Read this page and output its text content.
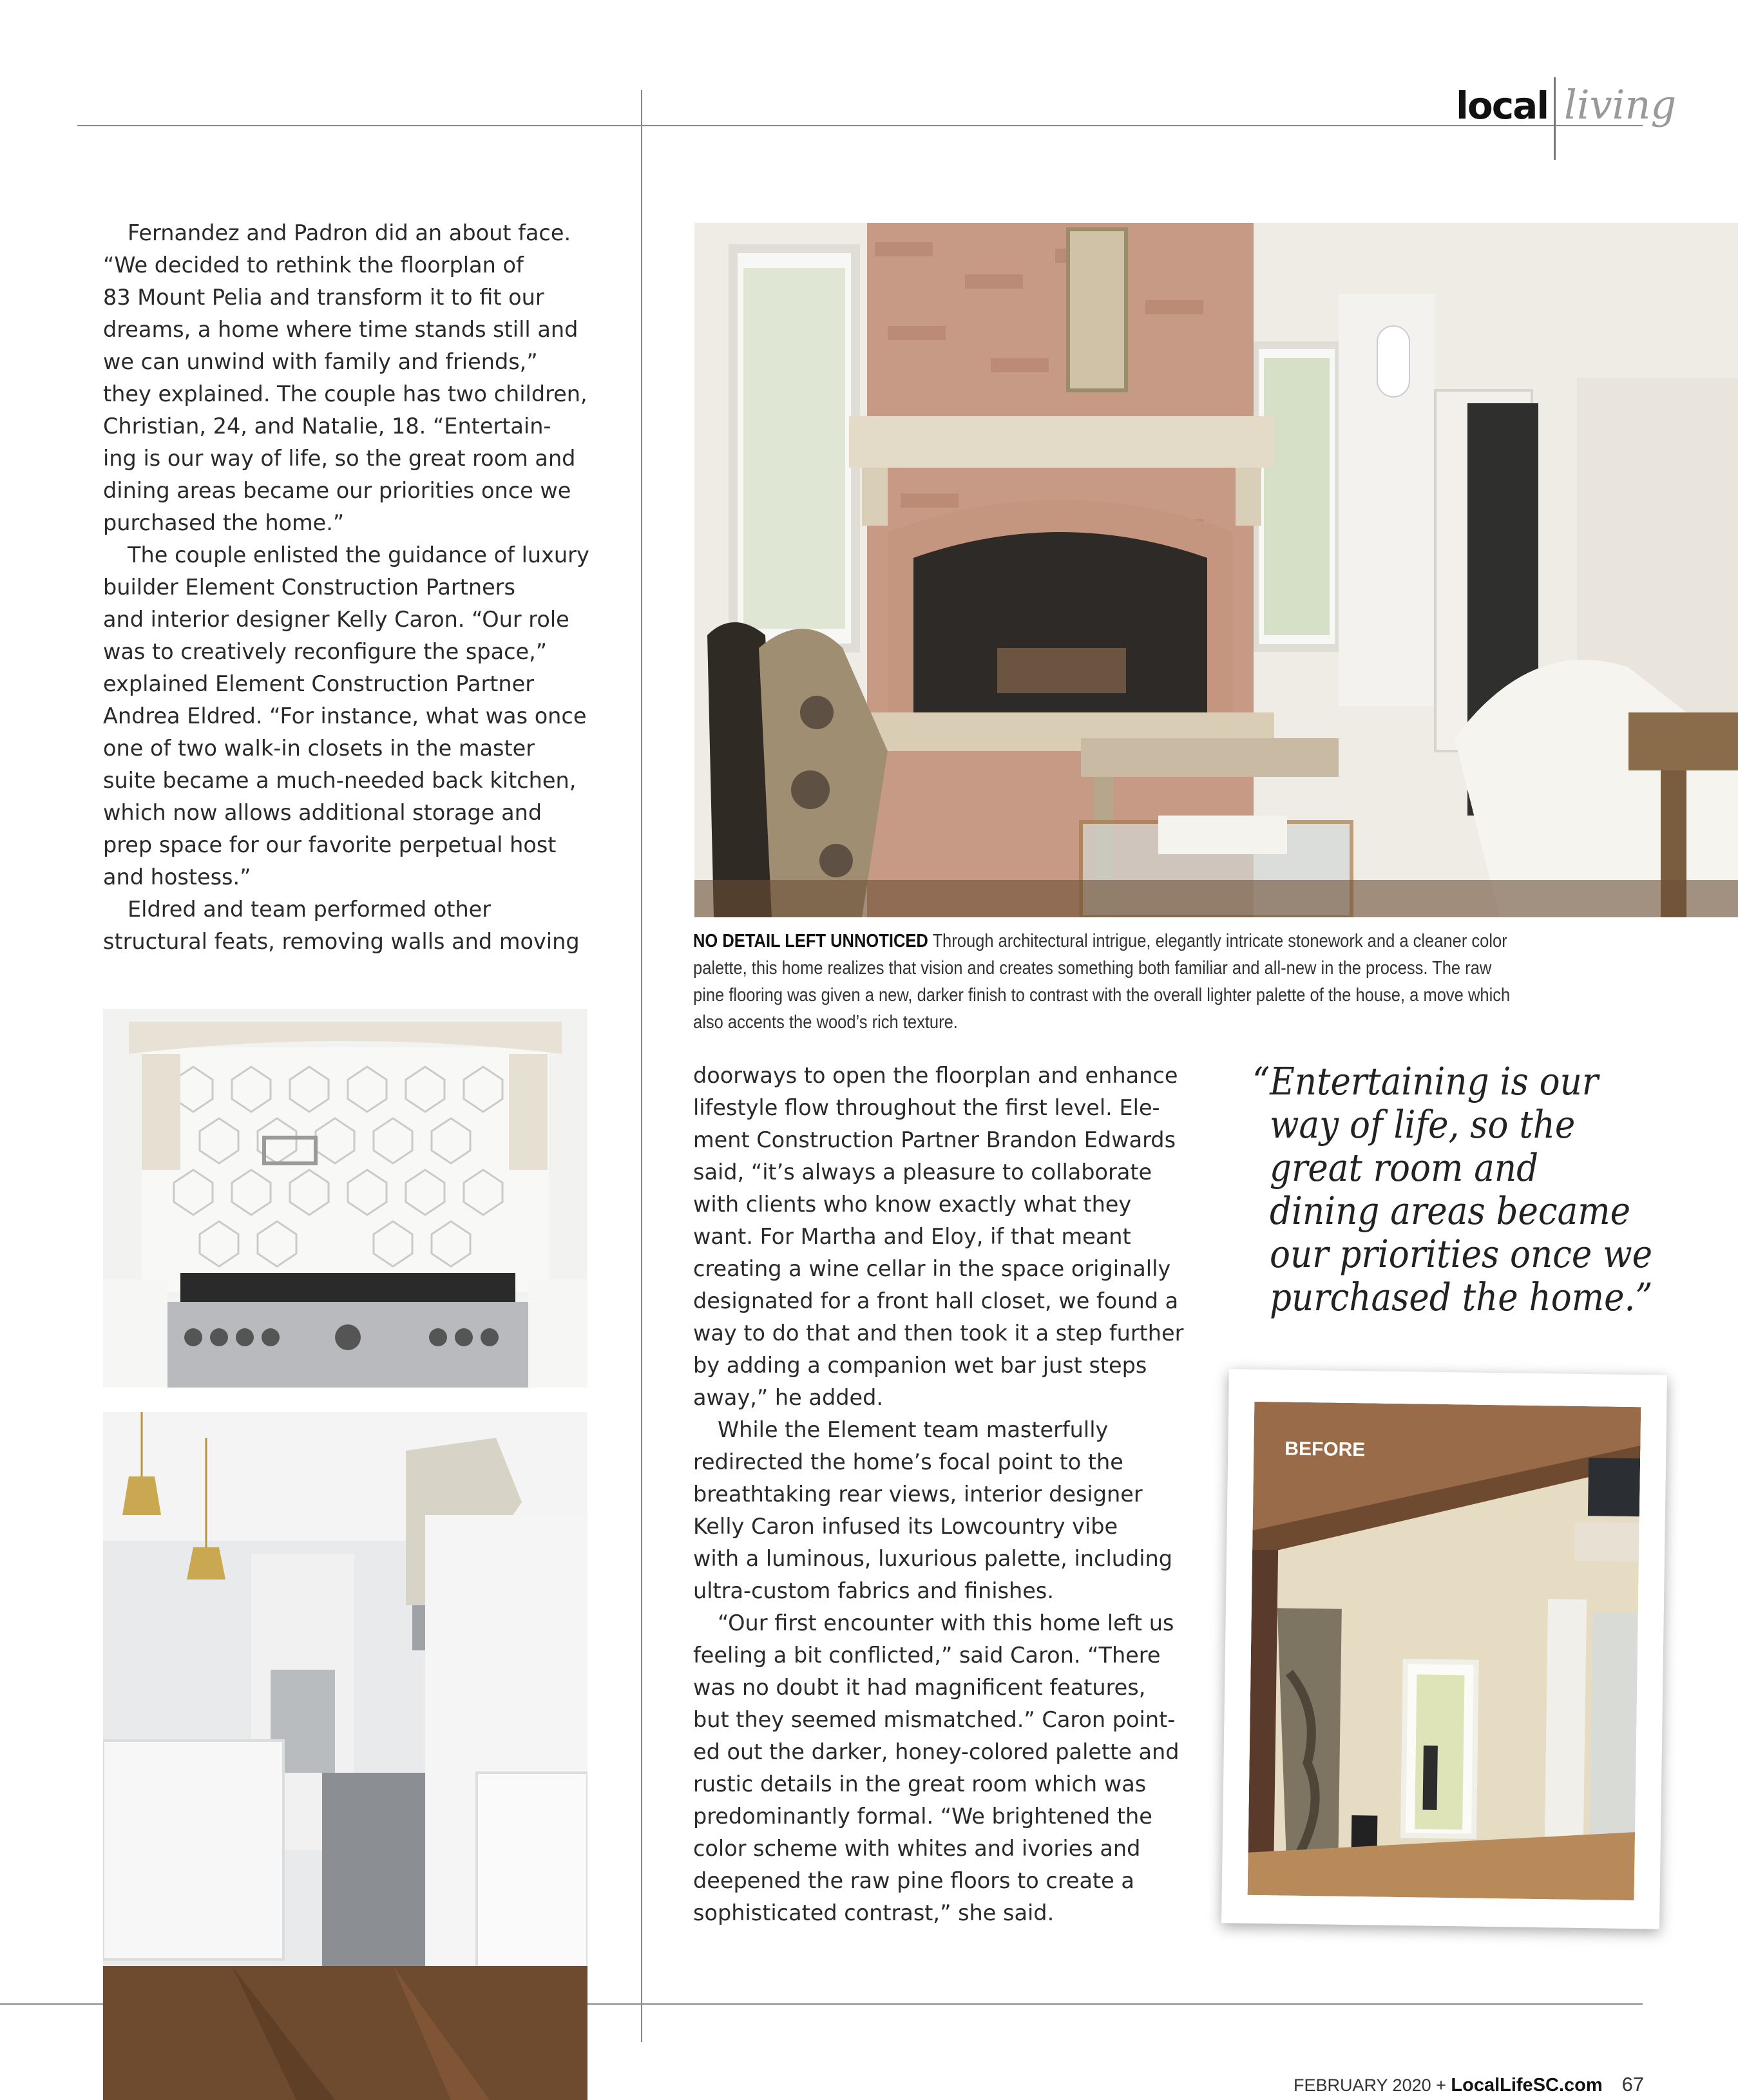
local living

Fernandez and Padron did an about face.

“We decided to rethink the floorplan of

83 Mount Pelia and transform it to fit our

dreams, a home where time stands still and

we can unwind with family and friends,”

they explained. The couple has two children,

Christian, 24, and Natalie, 18. “Entertain-

ing is our way of life, so the great room and

dining areas became our priorities once we

purchased the home.”

The couple enlisted the guidance of luxury

builder Element Construction Partners

and interior designer Kelly Caron. “Our role

was to creatively reconfigure the space,”

explained Element Construction Partner

Andrea Eldred. “For instance, what was once

one of two walk-in closets in the master

suite became a much-needed back kitchen,

which now allows additional storage and

prep space for our favorite perpetual host

and hostess.”

Eldred and team performed other

structural feats, removing walls and moving	NO DETAIL LEFT UNNOTICED Through architectural intrigue, elegantly intricate stonework and a cleaner color

palette, this home realizes that vision and creates something both familiar and all-new in the process. The raw

pine flooring was given a new, darker finish to contrast with the overall lighter palette of the house, a move which

also accents the wood’s rich texture.

doorways to open the floorplan and enhance

lifestyle flow throughout the first level. Ele-

ment Construction Partner Brandon Edwards

said, “it’s always a pleasure to collaborate

with clients who know exactly what they

want. For Martha and Eloy, if that meant

creating a wine cellar in the space originally

designated for a front hall closet, we found a

way to do that and then took it a step further

by adding a companion wet bar just steps

away,” he added.

While the Element team masterfully

redirected the home’s focal point to the

breathtaking rear views, interior designer

Kelly Caron infused its Lowcountry vibe

with a luminous, luxurious palette, including

ultra-custom fabrics and finishes.

“Our first encounter with this home left us

feeling a bit conflicted,” said Caron. “There

was no doubt it had magnificent features,

but they seemed mismatched.” Caron point-

ed out the darker, honey-colored palette and

rustic details in the great room which was

predominantly formal. “We brightened the

color scheme with whites and ivories and

deepened the raw pine floors to create a

sophisticated contrast,” she said.

“Entertaining is our

way of life, so the

great room and

dining areas became

our priorities once we

purchased the home.”

BEFORE
FEBRUARY 2020 + LocalLifeSC.com 67
